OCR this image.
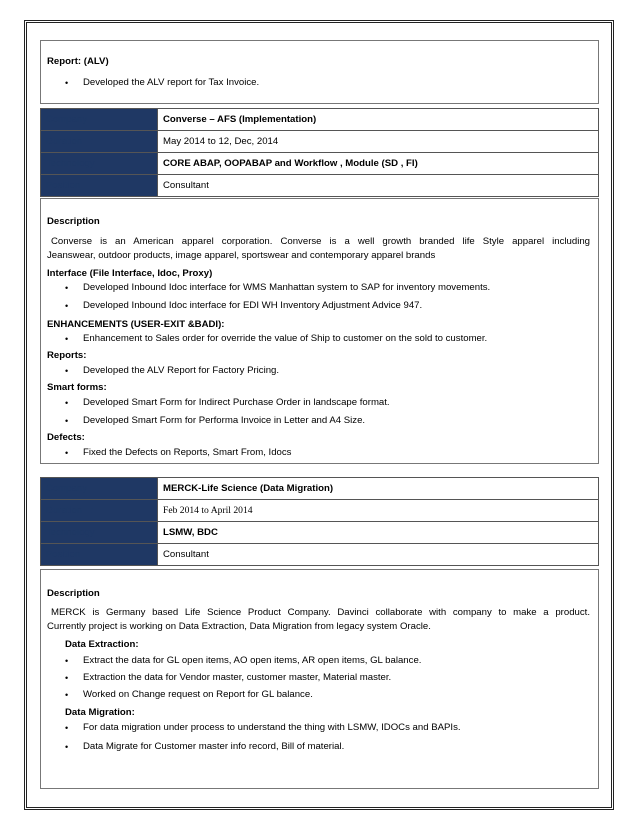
Report: (ALV)
• Developed the ALV report for Tax Invoice.
Company	Converse – AFS (Implementation)
Duration   :	May 2014 to 12, Dec, 2014
Technology	CORE ABAP, OOPABAP and Workflow , Module (SD , FI)
Position	Consultant
Description
Converse is an American apparel corporation. Converse is a well growth branded life Style apparel including
Jeanswear, outdoor products, image apparel, sportswear and contemporary apparel brands
Interface (File Interface, Idoc, Proxy)
• Developed Inbound Idoc interface for WMS Manhattan system to SAP for inventory movements.
• Developed Inbound Idoc interface for EDI WH Inventory Adjustment Advice 947.
ENHANCEMENTS (USER-EXIT &BADI):
• Enhancement to Sales order for override the value of Ship to customer on the sold to customer.
Reports:
• Developed the ALV Report for Factory Pricing.
Smart forms:
• Developed Smart Form for Indirect Purchase Order in landscape format.
• Developed Smart Form for Performa Invoice in Letter and A4 Size.
Defects:
• Fixed the Defects on Reports, Smart From, Idocs
Company	MERCK-Life Science (Data Migration)
Duration   :	Feb 2014 to April 2014
Technology	LSMW, BDC
Position	Consultant
Description
MERCK is Germany based Life Science Product Company. Davinci collaborate with company to make a product.
Currently project is working on Data Extraction, Data Migration from legacy system Oracle.
Data Extraction:
• Extract the data for GL open items, AO open items, AR open items, GL balance.
• Extraction the data for Vendor master, customer master, Material master.
• Worked on Change request on Report for GL balance.
Data Migration:
• For data migration under process to understand the thing with LSMW, IDOCs and BAPIs.
• Data Migrate for Customer master info record, Bill of material.
